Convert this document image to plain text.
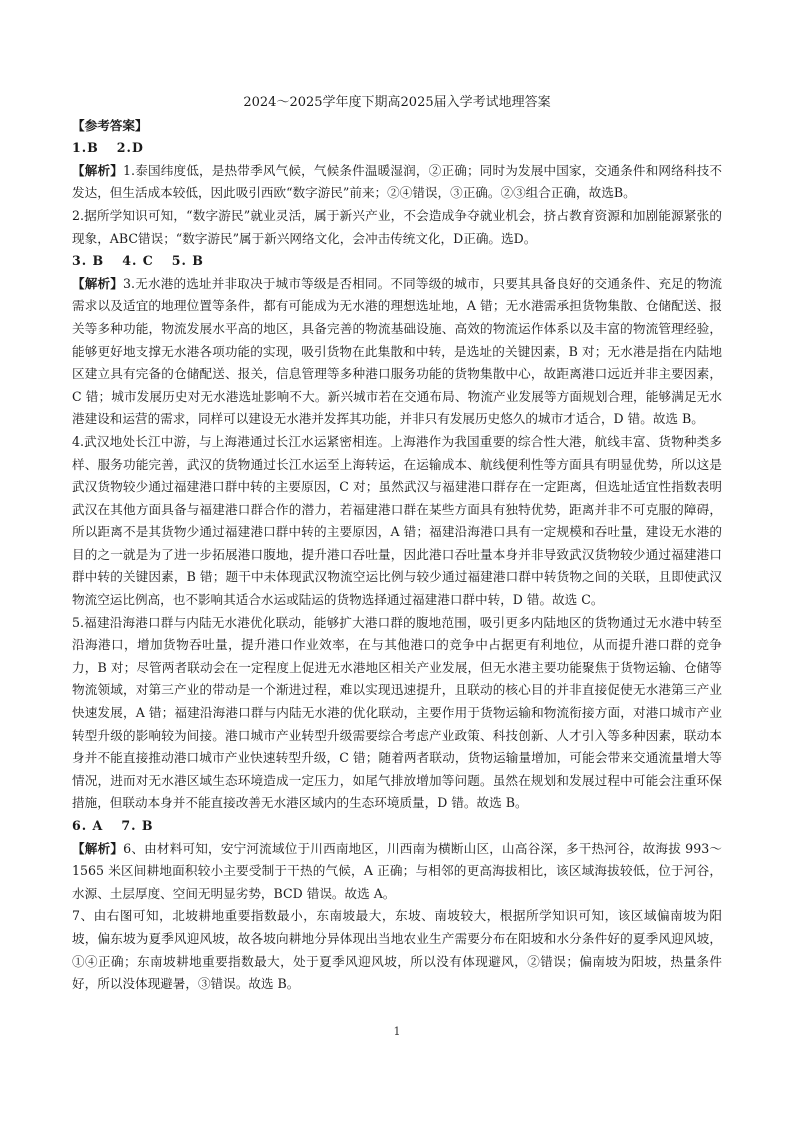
2024～2025学年度下期高2025届入学考试地理答案
【参考答案】
1.B 2.D
【解析】1.泰国纬度低，是热带季风气候，气候条件温暖湿润，②正确；同时为发展中国家，交通条件和网络科技不发达，但生活成本较低，因此吸引西欧“数字游民”前来；②④错误，③正确。②③组合正确，故选B。
2.据所学知识可知，“数字游民”就业灵活，属于新兴产业，不会造成争夺就业机会，挤占教育资源和加剧能源紧张的现象，ABC错误；“数字游民”属于新兴网络文化，会冲击传统文化，D正确。选D。
3. B 4. C 5. B
【解析】3.无水港的选址并非取决于城市等级是否相同。不同等级的城市，只要其具备良好的交通条件、充足的物流需求以及适宜的地理位置等条件，都有可能成为无水港的理想选址地，A 错；无水港需承担货物集散、仓储配送、报关等多种功能，物流发展水平高的地区，具备完善的物流基础设施、高效的物流运作体系以及丰富的物流管理经验，能够更好地支撑无水港各项功能的实现，吸引货物在此集散和中转，是选址的关键因素，B 对；无水港是指在内陆地区建立具有完备的仓储配送、报关，信息管理等多种港口服务功能的货物集散中心，故距离港口远近并非主要因素，C 错；城市发展历史对无水港选址影响不大。新兴城市若在交通布局、物流产业发展等方面规划合理，能够满足无水港建设和运营的需求，同样可以建设无水港并发挥其功能，并非只有发展历史悠久的城市才适合，D 错。故选 B。
4.武汉地处长江中游，与上海港通过长江水运紧密相连。上海港作为我国重要的综合性大港，航线丰富、货物种类多样、服务功能完善，武汉的货物通过长江水运至上海转运，在运输成本、航线便利性等方面具有明显优势，所以这是武汉货物较少通过福建港口群中转的主要原因，C 对；虽然武汉与福建港口群存在一定距离，但选址适宜性指数表明武汉在其他方面具备与福建港口群合作的潜力，若福建港口群在某些方面具有独特优势，距离并非不可克服的障碍，所以距离不是其货物少通过福建港口群中转的主要原因，A 错；福建沿海港口具有一定规模和吞吐量，建设无水港的目的之一就是为了进一步拓展港口腹地，提升港口吞吐量，因此港口吞吐量本身并非导致武汉货物较少通过福建港口群中转的关键因素，B 错；题干中未体现武汉物流空运比例与较少通过福建港口群中转货物之间的关联，且即使武汉物流空运比例高，也不影响其适合水运或陆运的货物选择通过福建港口群中转，D 错。故选 C。
5.福建沿海港口群与内陆无水港优化联动，能够扩大港口群的腹地范围，吸引更多内陆地区的货物通过无水港中转至沿海港口，增加货物吞吐量，提升港口作业效率，在与其他港口的竞争中占据更有利地位，从而提升港口群的竞争力，B 对；尽管两者联动会在一定程度上促进无水港地区相关产业发展，但无水港主要功能聚焦于货物运输、仓储等物流领域，对第三产业的带动是一个渐进过程，难以实现迅速提升，且联动的核心目的并非直接促使无水港第三产业快速发展，A 错；福建沿海港口群与内陆无水港的优化联动，主要作用于货物运输和物流衔接方面，对港口城市产业转型升级的影响较为间接。港口城市产业转型升级需要综合考虑产业政策、科技创新、人才引入等多种因素，联动本身并不能直接推动港口城市产业快速转型升级，C 错；随着两者联动，货物运输量增加，可能会带来交通流量增大等情况，进而对无水港区域生态环境造成一定压力，如尾气排放增加等问题。虽然在规划和发展过程中可能会注重环保措施，但联动本身并不能直接改善无水港区域内的生态环境质量，D 错。故选 B。
6. A 7. B
【解析】6、由材料可知，安宁河流域位于川西南地区，川西南为横断山区，山高谷深，多干热河谷，故海拔 993～1565 米区间耕地面积较小主要受制于干热的气候，A 正确；与相邻的更高海拔相比，该区域海拔较低，位于河谷，水源、土层厚度、空间无明显劣势，BCD 错误。故选 A。
7、由右图可知，北坡耕地重要指数最小，东南坡最大，东坡、南坡较大，根据所学知识可知，该区域偏南坡为阳坡，偏东坡为夏季风迎风坡，故各坡向耕地分异体现出当地农业生产需要分布在阳坡和水分条件好的夏季风迎风坡，①④正确；东南坡耕地重要指数最大，处于夏季风迎风坡，所以没有体现避风，②错误；偏南坡为阳坡，热量条件好，所以没体现避暑，③错误。故选 B。
1
